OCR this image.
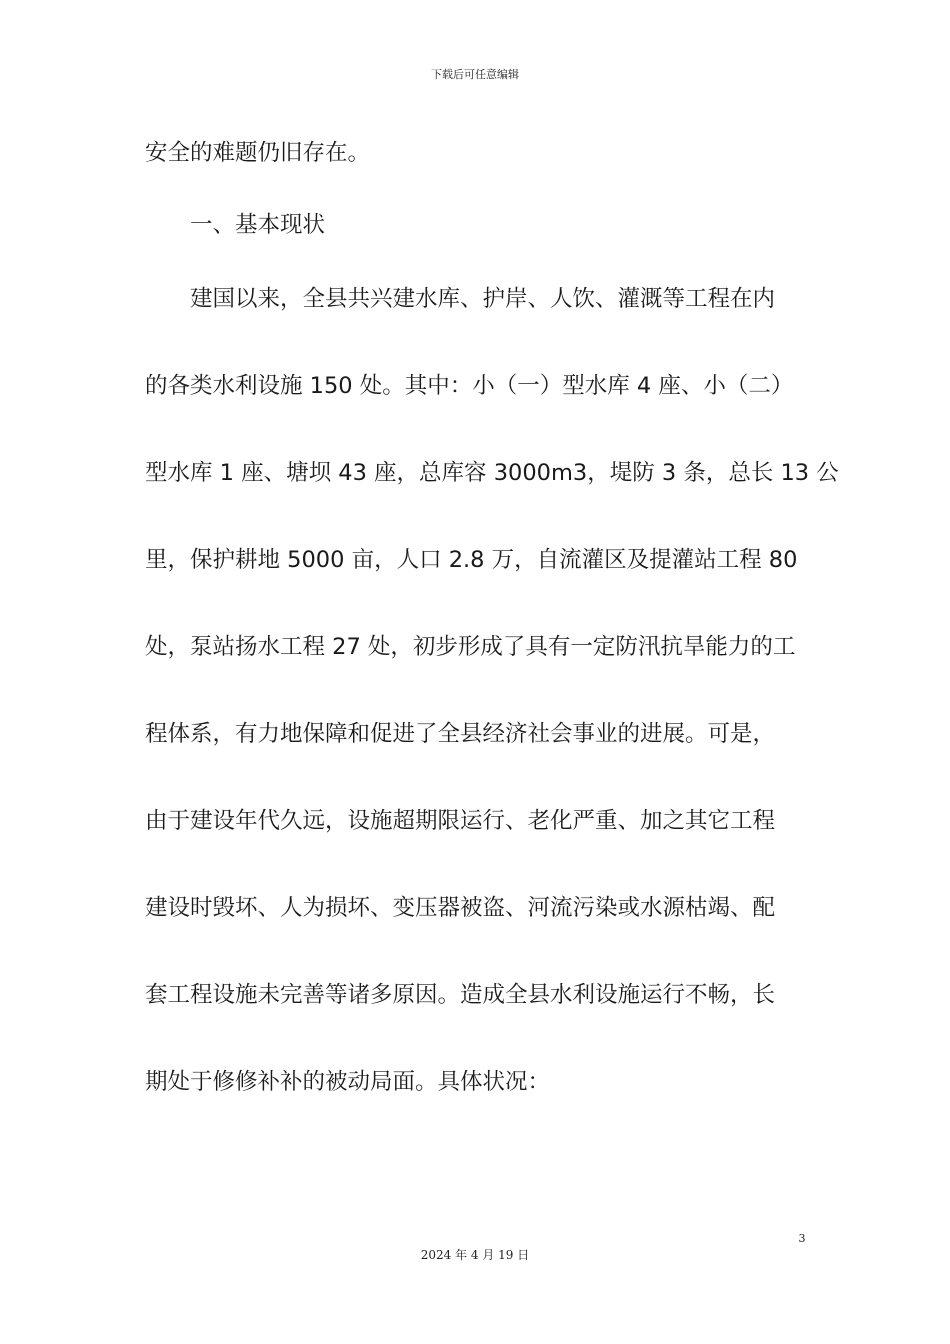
下载后可任意编辑
安全的难题仍旧存在。
一、基本现状
建国以来，全县共兴建水库、护岸、人饮、灌溉等工程在内
的各类水利设施 150 处。其中：小（一）型水库 4 座、小（二）
型水库 1 座、塘坝 43 座，总库容 3000m3，堤防 3 条，总长 13 公
里，保护耕地 5000 亩，人口 2.8 万，自流灌区及提灌站工程 80
处，泵站扬水工程 27 处，初步形成了具有一定防汛抗旱能力的工
程体系，有力地保障和促进了全县经济社会事业的进展。可是，
由于建设年代久远，设施超期限运行、老化严重、加之其它工程
建设时毁坏、人为损坏、变压器被盗、河流污染或水源枯竭、配
套工程设施未完善等诸多原因。造成全县水利设施运行不畅，长
期处于修修补补的被动局面。具体状况：
3
2024 年 4 月 19 日
